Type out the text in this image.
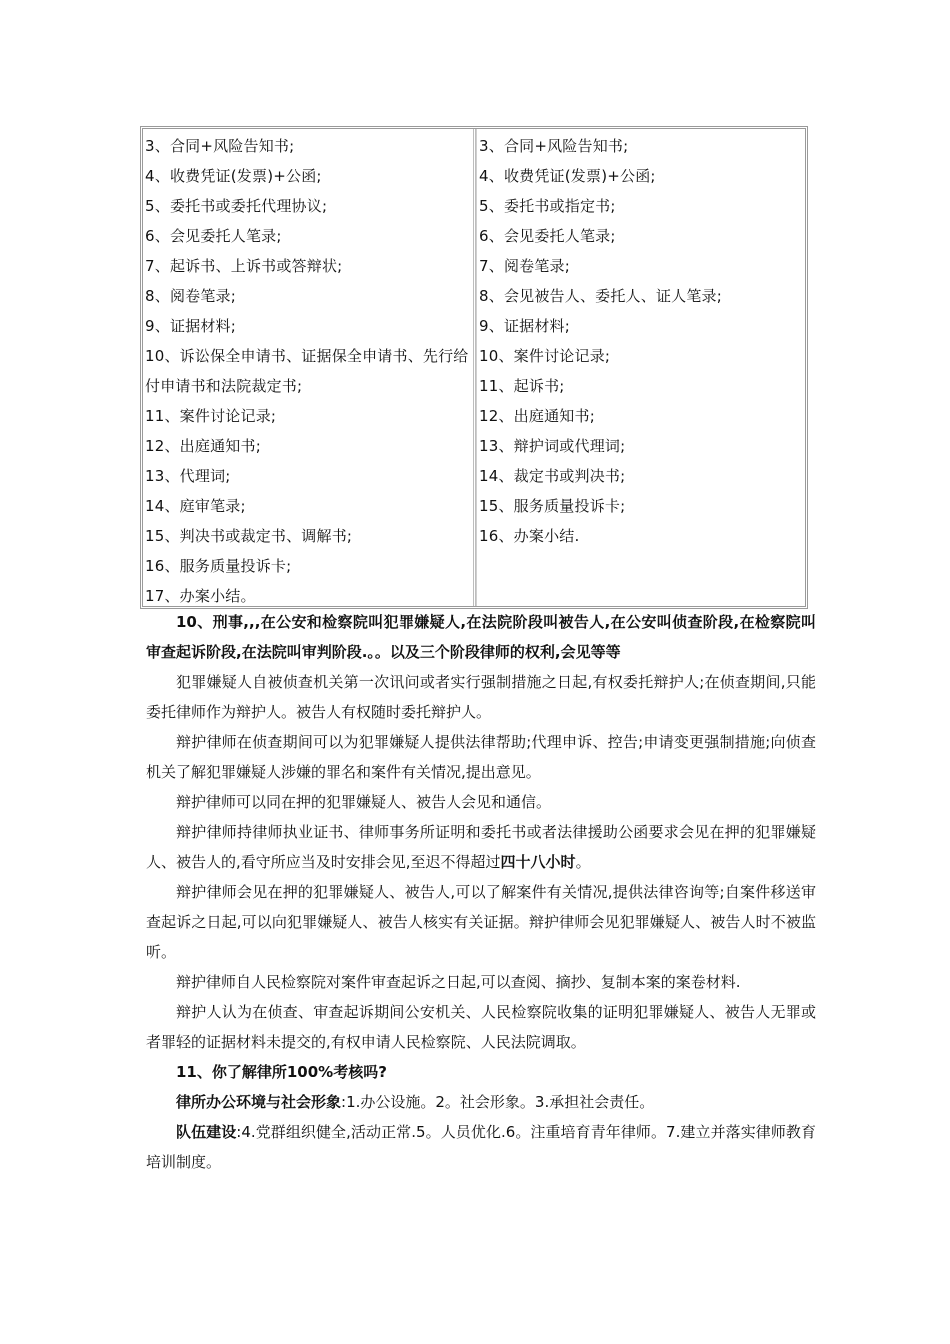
3、合同+风险告知书;
4、收费凭证(发票)+公函;
5、委托书或委托代理协议;
6、会见委托人笔录;
7、起诉书、上诉书或答辩状;
8、阅卷笔录;
9、证据材料;
10、诉讼保全申请书、证据保全申请书、先行给付申请书和法院裁定书;
11、案件讨论记录;
12、出庭通知书;
13、代理词;
14、庭审笔录;
15、判决书或裁定书、调解书;
16、服务质量投诉卡;
17、办案小结。
3、合同+风险告知书;
4、收费凭证(发票)+公函;
5、委托书或指定书;
6、会见委托人笔录;
7、阅卷笔录;
8、会见被告人、委托人、证人笔录;
9、证据材料;
10、案件讨论记录;
11、起诉书;
12、出庭通知书;
13、辩护词或代理词;
14、裁定书或判决书;
15、服务质量投诉卡;
16、办案小结.

10、刑事,,,在公安和检察院叫犯罪嫌疑人,在法院阶段叫被告人,在公安叫侦查阶段,在检察院叫审查起诉阶段,在法院叫审判阶段.。。以及三个阶段律师的权利,会见等等

犯罪嫌疑人自被侦查机关第一次讯问或者实行强制措施之日起,有权委托辩护人;在侦查期间,只能委托律师作为辩护人。被告人有权随时委托辩护人。

辩护律师在侦查期间可以为犯罪嫌疑人提供法律帮助;代理申诉、控告;申请变更强制措施;向侦查机关了解犯罪嫌疑人涉嫌的罪名和案件有关情况,提出意见。

辩护律师可以同在押的犯罪嫌疑人、被告人会见和通信。

辩护律师持律师执业证书、律师事务所证明和委托书或者法律援助公函要求会见在押的犯罪嫌疑人、被告人的,看守所应当及时安排会见,至迟不得超过四十八小时。

辩护律师会见在押的犯罪嫌疑人、被告人,可以了解案件有关情况,提供法律咨询等;自案件移送审查起诉之日起,可以向犯罪嫌疑人、被告人核实有关证据。辩护律师会见犯罪嫌疑人、被告人时不被监听。

辩护律师自人民检察院对案件审查起诉之日起,可以查阅、摘抄、复制本案的案卷材料.

辩护人认为在侦查、审查起诉期间公安机关、人民检察院收集的证明犯罪嫌疑人、被告人无罪或者罪轻的证据材料未提交的,有权申请人民检察院、人民法院调取。

11、你了解律所100%考核吗?

律所办公环境与社会形象:1.办公设施。2。社会形象。3.承担社会责任。

队伍建设:4.党群组织健全,活动正常.5。人员优化.6。注重培育青年律师。7.建立并落实律师教育培训制度。
